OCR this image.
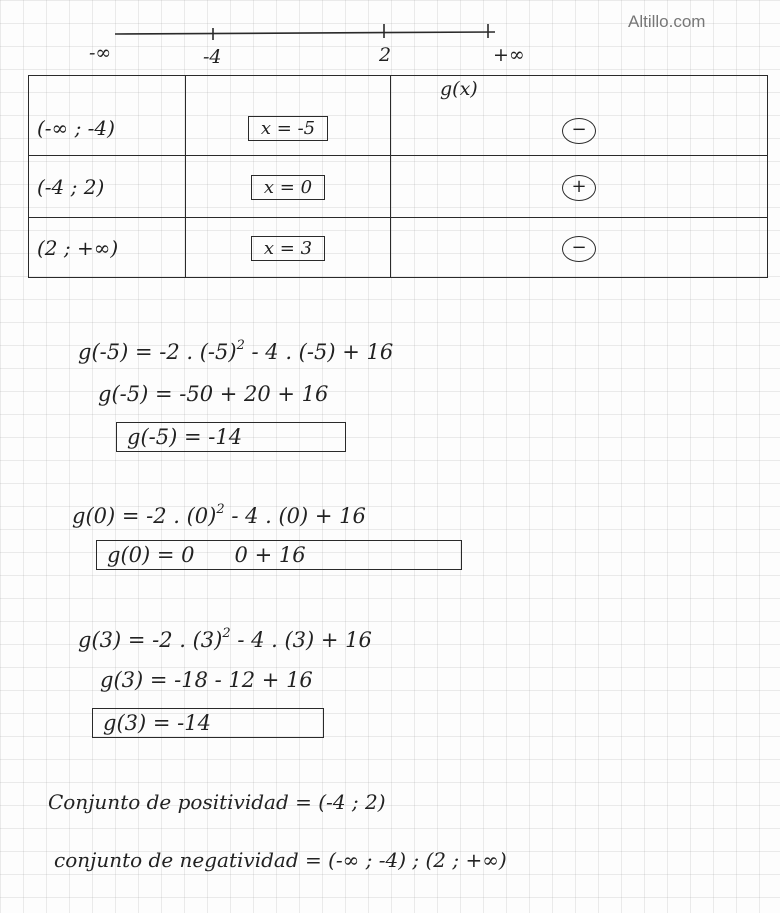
Altillo.com
-∞	-4	2	+∞
g(x)
(-∞ ; -4)	x = -5	−
(-4 ; 2)	x = 0	+
(2 ; +∞)	x = 3	−
g(-5) = -2 . $(-5)^2 - 4$ . (-5) + 16
g(-5) = -50 + 20 + 16
g(-5) = -14
g(0) = -2 . $(0)^2 - 4$ . (0) + 16
g(0) = 0      0 + 16
g(3) = -2 . $(3)^2 - 4$ . (3) + 16
g(3) = -18 - 12 + 16
g(3) = -14
Conjunto de positividad = (-4 ; 2)
conjunto de negatividad = (-∞ ; -4) ; (2 ; +∞)
